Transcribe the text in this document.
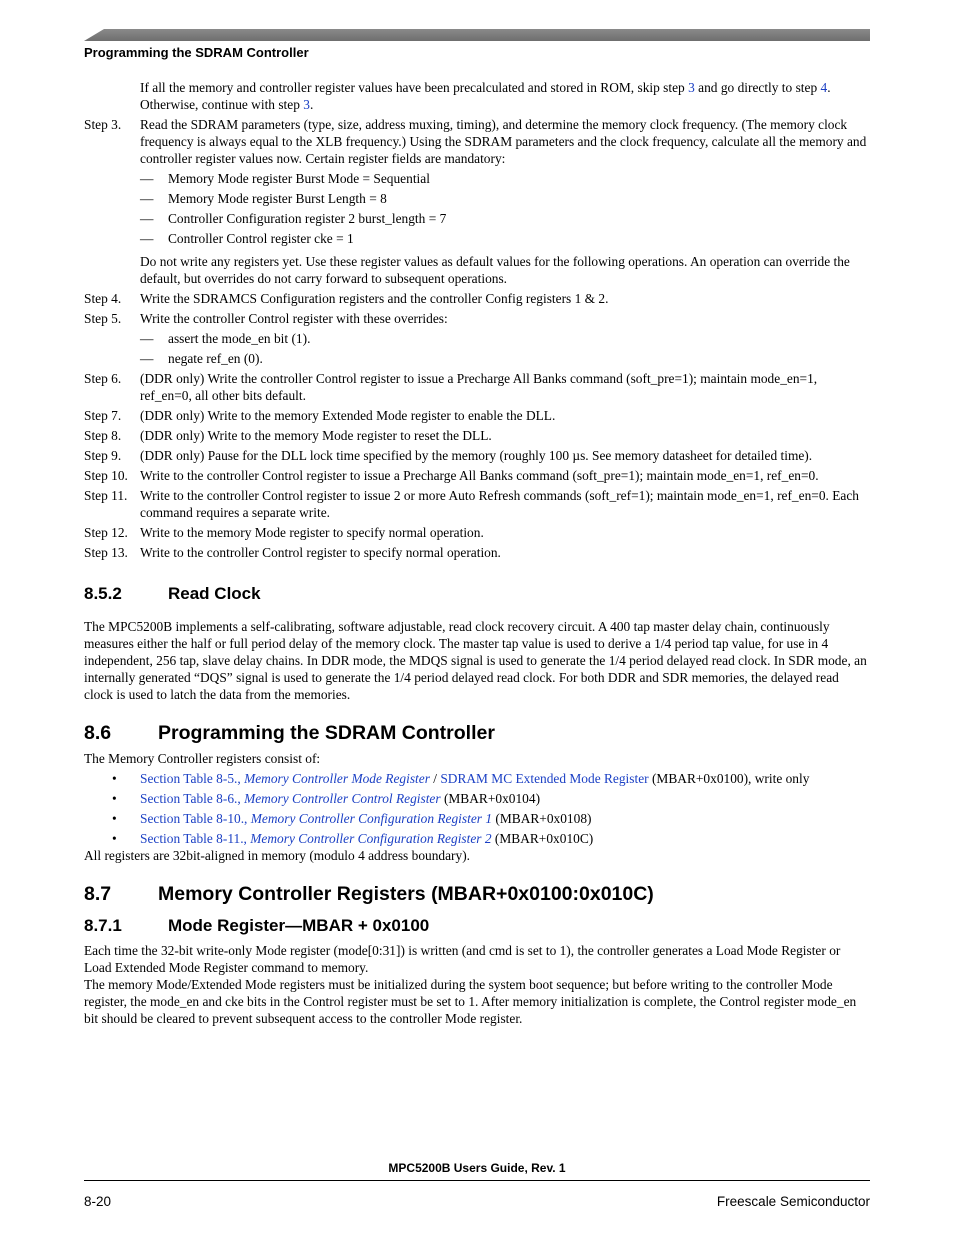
Programming the SDRAM Controller
If all the memory and controller register values have been precalculated and stored in ROM, skip step 3 and go directly to step 4. Otherwise, continue with step 3.
Step 3.	Read the SDRAM parameters (type, size, address muxing, timing), and determine the memory clock frequency. (The memory clock frequency is always equal to the XLB frequency.) Using the SDRAM parameters and the clock frequency, calculate all the memory and controller register values now. Certain register fields are mandatory:
—	Memory Mode register Burst Mode = Sequential
—	Memory Mode register Burst Length = 8
—	Controller Configuration register 2 burst_length = 7
—	Controller Control register cke = 1
Do not write any registers yet. Use these register values as default values for the following operations. An operation can override the default, but overrides do not carry forward to subsequent operations.
Step 4.	Write the SDRAMCS Configuration registers and the controller Config registers 1 & 2.
Step 5.	Write the controller Control register with these overrides:
—	assert the mode_en bit (1).
—	negate ref_en (0).
Step 6.	(DDR only) Write the controller Control register to issue a Precharge All Banks command (soft_pre=1); maintain mode_en=1, ref_en=0, all other bits default.
Step 7.	(DDR only) Write to the memory Extended Mode register to enable the DLL.
Step 8.	(DDR only) Write to the memory Mode register to reset the DLL.
Step 9.	(DDR only) Pause for the DLL lock time specified by the memory (roughly 100 µs. See memory datasheet for detailed time).
Step 10. Write to the controller Control register to issue a Precharge All Banks command (soft_pre=1); maintain mode_en=1, ref_en=0.
Step 11. Write to the controller Control register to issue 2 or more Auto Refresh commands (soft_ref=1); maintain mode_en=1, ref_en=0. Each command requires a separate write.
Step 12. Write to the memory Mode register to specify normal operation.
Step 13. Write to the controller Control register to specify normal operation.
8.5.2	Read Clock

The MPC5200B implements a self-calibrating, software adjustable, read clock recovery circuit. A 400 tap master delay chain, continuously measures either the half or full period delay of the memory clock. The master tap value is used to derive a 1/4 period tap value, for use in 4 independent, 256 tap, slave delay chains. In DDR mode, the MDQS signal is used to generate the 1/4 period delayed read clock. In SDR mode, an internally generated “DQS” signal is used to generate the 1/4 period delayed read clock. For both DDR and SDR memories, the delayed read clock is used to latch the data from the memories.

8.6	Programming the SDRAM Controller

The Memory Controller registers consist of:

•	Section Table 8-5., Memory Controller Mode Register / SDRAM MC Extended Mode Register (MBAR+0x0100), write only
•	Section Table 8-6., Memory Controller Control Register (MBAR+0x0104)
•	Section Table 8-10., Memory Controller Configuration Register 1 (MBAR+0x0108)
•	Section Table 8-11., Memory Controller Configuration Register 2 (MBAR+0x010C)

All registers are 32bit-aligned in memory (modulo 4 address boundary).

8.7	Memory Controller Registers (MBAR+0x0100:0x010C)
8.7.1	Mode Register—MBAR + 0x0100

Each time the 32-bit write-only Mode register (mode[0:31]) is written (and cmd is set to 1), the controller generates a Load Mode Register or Load Extended Mode Register command to memory.

The memory Mode/Extended Mode registers must be initialized during the system boot sequence; but before writing to the controller Mode register, the mode_en and cke bits in the Control register must be set to 1. After memory initialization is complete, the Control register mode_en bit should be cleared to prevent subsequent access to the controller Mode register.

MPC5200B Users Guide, Rev. 1
8-20	Freescale Semiconductor
